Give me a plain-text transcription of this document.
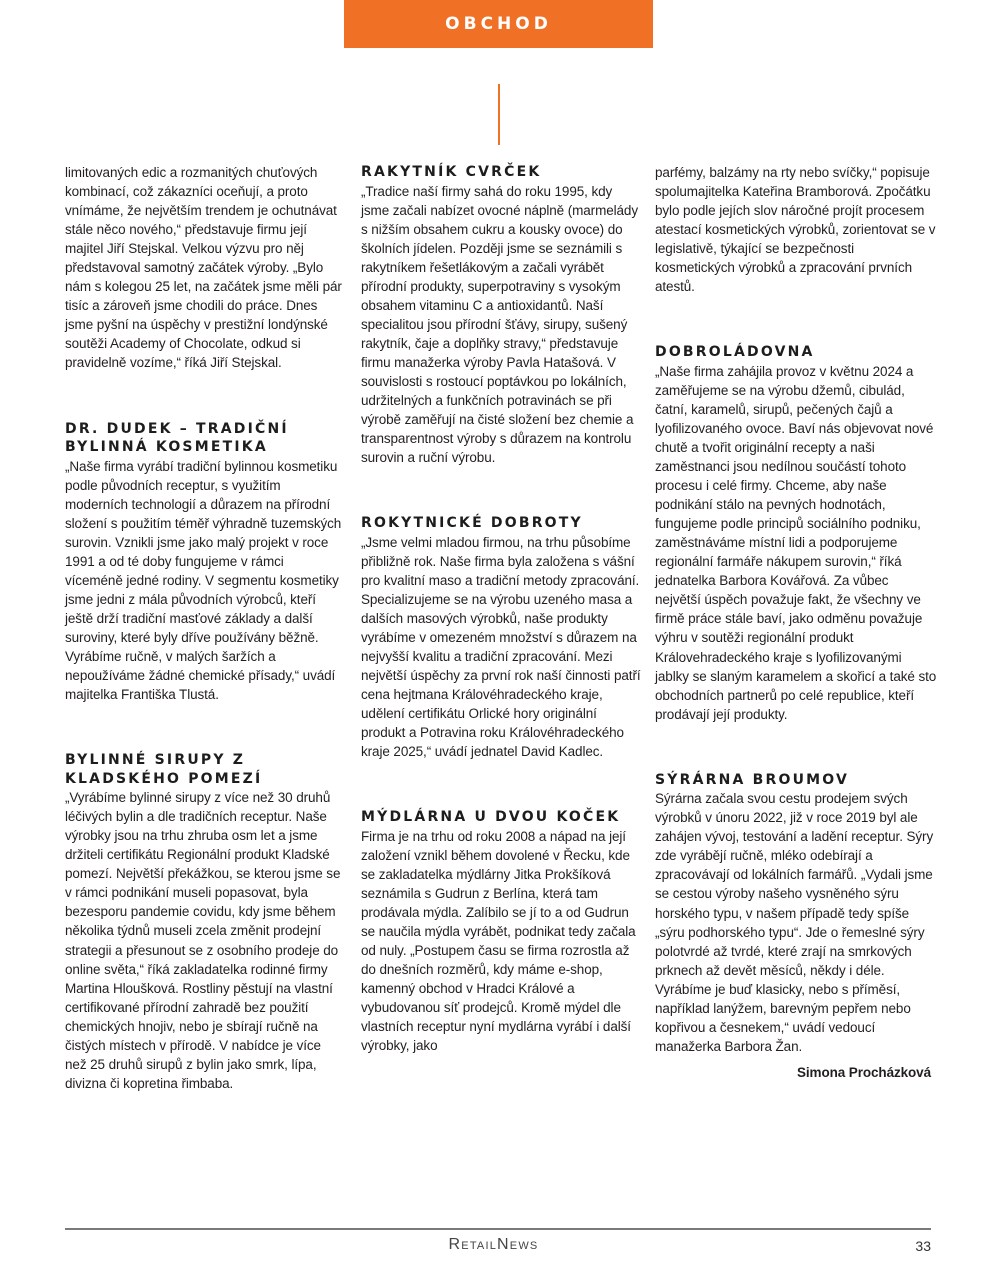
OBCHOD

limitovaných edic a rozmanitých chuťových kombinací, což zákazníci oceňují, a proto vnímáme, že největším trendem je ochutnávat stále něco nového,“ představuje firmu její majitel Jiří Stejskal. Velkou výzvu pro něj představoval samotný začátek výroby. „Bylo nám s kolegou 25 let, na začátek jsme měli pár tisíc a zároveň jsme chodili do práce. Dnes jsme pyšní na úspěchy v prestižní londýnské soutěži Academy of Chocolate, odkud si pravidelně vozíme,“ říká Jiří Stejskal.

DR. DUDEK – TRADIČNÍ BYLINNÁ KOSMETIKA

„Naše firma vyrábí tradiční bylinnou kosmetiku podle původních receptur, s využitím moderních technologií a důrazem na přírodní složení s použitím téměř výhradně tuzemských surovin. Vznikli jsme jako malý projekt v roce 1991 a od té doby fungujeme v rámci víceméně jedné rodiny. V segmentu kosmetiky jsme jedni z mála původních výrobců, kteří ještě drží tradiční masťové základy a další suroviny, které byly dříve používány běžně. Vyrábíme ručně, v malých šaržích a nepoužíváme žádné chemické přísady,“ uvádí majitelka Františka Tlustá.

BYLINNÉ SIRUPY Z KLADSKÉHO POMEZÍ

„Vyrábíme bylinné sirupy z více než 30 druhů léčivých bylin a dle tradičních receptur. Naše výrobky jsou na trhu zhruba osm let a jsme držiteli certifikátu Regionální produkt Kladské pomezí. Největší překážkou, se kterou jsme se v rámci podnikání museli popasovat, byla bezesporu pandemie covidu, kdy jsme během několika týdnů museli zcela změnit prodejní strategii a přesunout se z osobního prodeje do online světa,“ říká zakladatelka rodinné firmy Martina Hloušková. Rostliny pěstují na vlastní certifikované přírodní zahradě bez použití chemických hnojiv, nebo je sbírají ručně na čistých místech v přírodě. V nabídce je více než 25 druhů sirupů z bylin jako smrk, lípa, divizna či kopretina řimbaba.

RAKYTNÍK CVRČEK

„Tradice naší firmy sahá do roku 1995, kdy jsme začali nabízet ovocné náplně (marmelády s nižším obsahem cukru a kousky ovoce) do školních jídelen. Později jsme se seznámili s rakytníkem řešetlákovým a začali vyrábět přírodní produkty, superpotraviny s vysokým obsahem vitaminu C a antioxidantů. Naší specialitou jsou přírodní šťávy, sirupy, sušený rakytník, čaje a doplňky stravy,“ představuje firmu manažerka výroby Pavla Hatašová. V souvislosti s rostoucí poptávkou po lokálních, udržitelných a funkčních potravinách se při výrobě zaměřují na čisté složení bez chemie a transparentnost výroby s důrazem na kontrolu surovin a ruční výrobu.

ROKYTNICKÉ DOBROTY

„Jsme velmi mladou firmou, na trhu působíme přibližně rok. Naše firma byla založena s vášní pro kvalitní maso a tradiční metody zpracování. Specializujeme se na výrobu uzeného masa a dalších masových výrobků, naše produkty vyrábíme v omezeném množství s důrazem na nejvyšší kvalitu a tradiční zpracování. Mezi největší úspěchy za první rok naší činnosti patří cena hejtmana Královéhradeckého kraje, udělení certifikátu Orlické hory originální produkt a Potravina roku Královéhradeckého kraje 2025,“ uvádí jednatel David Kadlec.

MÝDLÁRNA U DVOU KOČEK

Firma je na trhu od roku 2008 a nápad na její založení vznikl během dovolené v Řecku, kde se zakladatelka mýdlárny Jitka Prokšíková seznámila s Gudrun z Berlína, která tam prodávala mýdla. Zalíbilo se jí to a od Gudrun se naučila mýdla vyrábět, podnikat tedy začala od nuly. „Postupem času se firma rozrostla až do dnešních rozměrů, kdy máme e-shop, kamenný obchod v Hradci Králové a vybudovanou síť prodejců. Kromě mýdel dle vlastních receptur nyní mydlárna vyrábí i další výrobky, jako

parfémy, balzámy na rty nebo svíčky,“ popisuje spolumajitelka Kateřina Bramborová. Zpočátku bylo podle jejích slov náročné projít procesem atestací kosmetických výrobků, zorientovat se v legislativě, týkající se bezpečnosti kosmetických výrobků a zpracování prvních atestů.

DOBROLÁDOVNA

„Naše firma zahájila provoz v květnu 2024 a zaměřujeme se na výrobu džemů, cibulád, čatní, karamelů, sirupů, pečených čajů a lyofilizovaného ovoce. Baví nás objevovat nové chutě a tvořit originální recepty a naši zaměstnanci jsou nedílnou součástí tohoto procesu i celé firmy. Chceme, aby naše podnikání stálo na pevných hodnotách, fungujeme podle principů sociálního podniku, zaměstnáváme místní lidi a podporujeme regionální farmáře nákupem surovin,“ říká jednatelka Barbora Kovářová. Za vůbec největší úspěch považuje fakt, že všechny ve firmě práce stále baví, jako odměnu považuje výhru v soutěži regionální produkt Královehradeckého kraje s lyofilizovanými jablky se slaným karamelem a skořicí a také sto obchodních partnerů po celé republice, kteří prodávají její produkty.

SÝRÁRNA BROUMOV

Sýrárna začala svou cestu prodejem svých výrobků v únoru 2022, již v roce 2019 byl ale zahájen vývoj, testování a ladění receptur. Sýry zde vyrábějí ručně, mléko odebírají a zpracovávají od lokálních farmářů. „Vydali jsme se cestou výroby našeho vysněného sýru horského typu, v našem případě tedy spíše „sýru podhorského typu“. Jde o řemeslné sýry polotvrdé až tvrdé, které zrají na smrkových prknech až devět měsíců, někdy i déle. Vyrábíme je buď klasicky, nebo s příměsí, například lanýžem, barevným pepřem nebo kopřivou a česnekem,“ uvádí vedoucí manažerka Barbora Žan.

Simona Procházková

RetailNews	33
